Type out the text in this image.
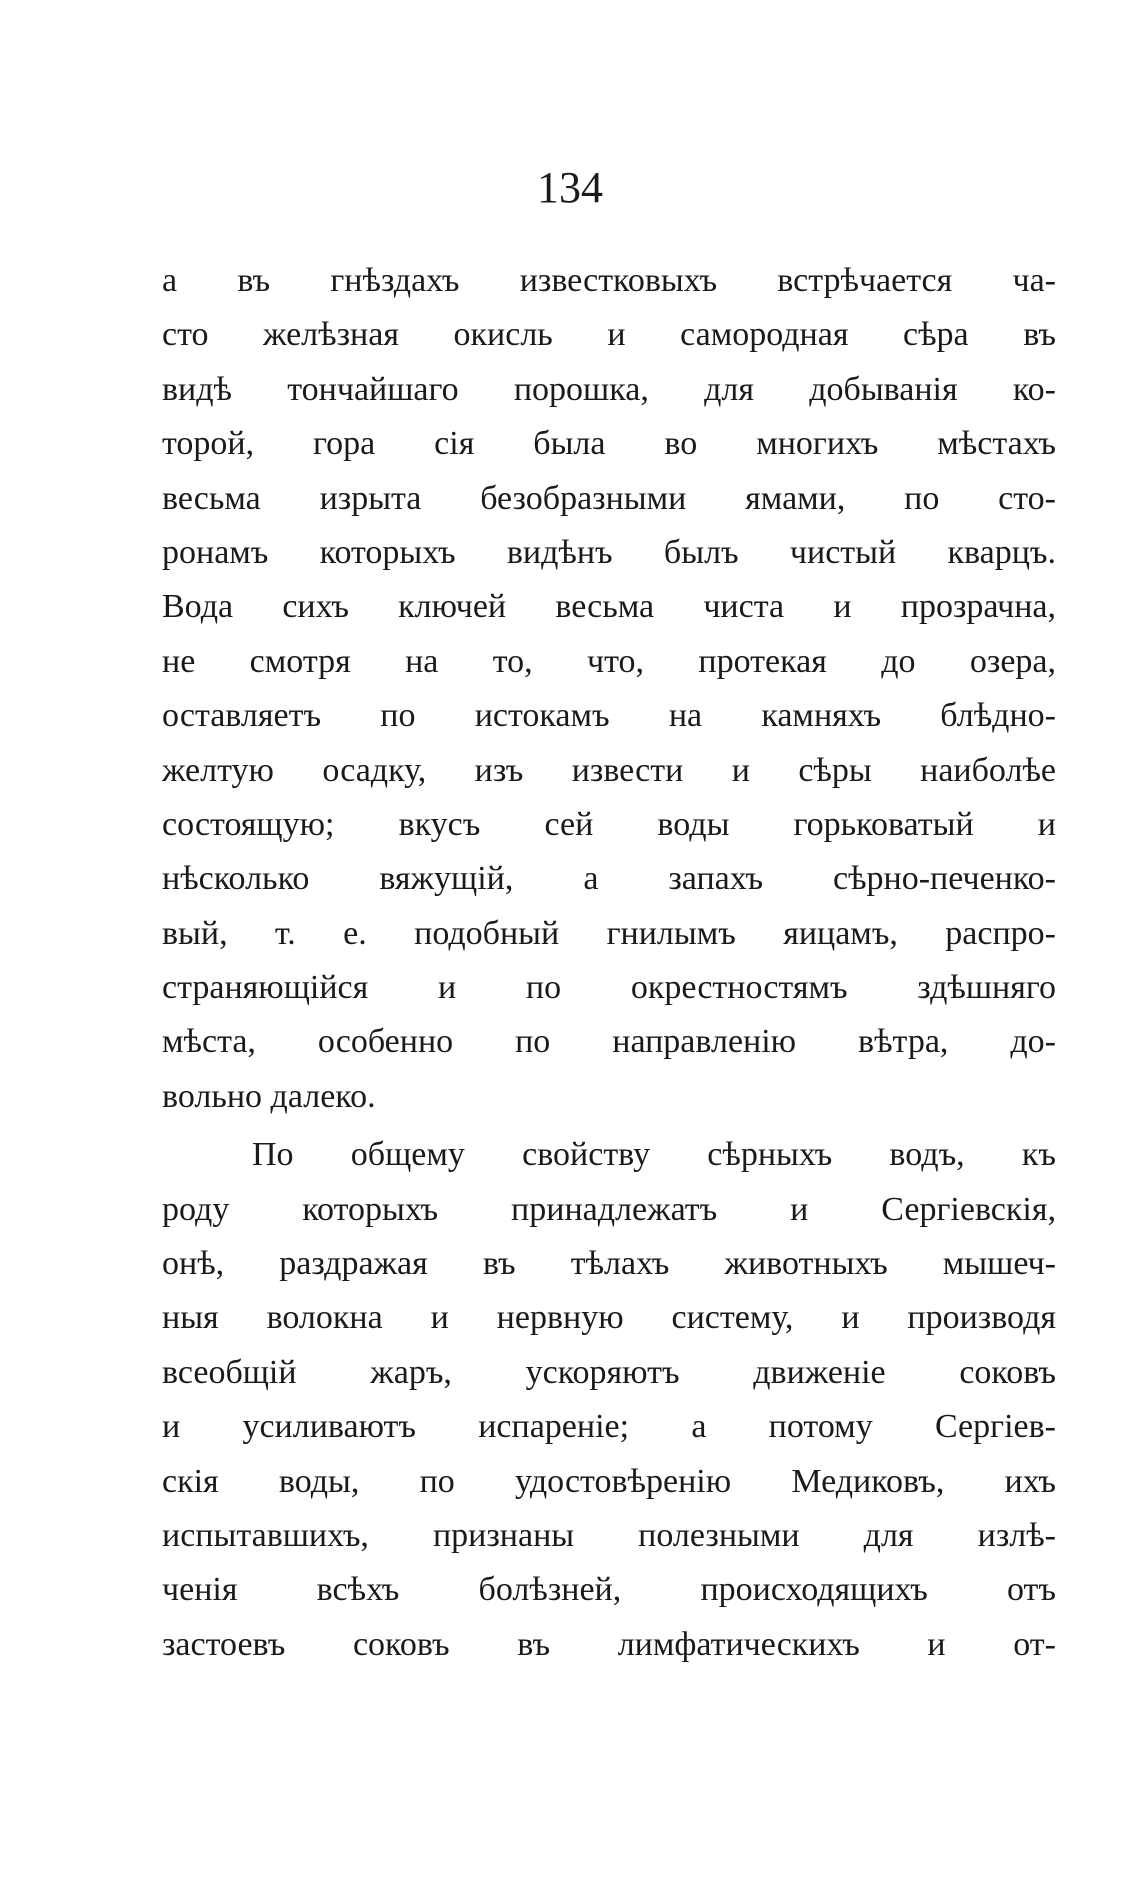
134
а въ гнѣздахъ известковыхъ встрѣчается ча-
сто желѣзная окисль и самородная сѣра въ
видѣ тончайшаго порошка, для добыванія ко-
торой, гора сія была во многихъ мѣстахъ
весьма изрыта безобразными ямами, по сто-
ронамъ которыхъ видѣнъ былъ чистый кварцъ.
Вода сихъ ключей весьма чиста и прозрачна,
не смотря на то, что, протекая до озера,
оставляетъ по истокамъ на камняхъ блѣдно-
желтую осадку, изъ извести и сѣры наиболѣе
состоящую; вкусъ сей воды горьковатый и
нѣсколько вяжущій, а запахъ сѣрно-печенко-
вый, т. е. подобный гнилымъ яицамъ, распро-
страняющійся и по окрестностямъ здѣшняго
мѣста, особенно по направленію вѣтра, до-
вольно далеко.
По общему свойству сѣрныхъ водъ, къ
роду которыхъ принадлежатъ и Сергіевскія,
онѣ, раздражая въ тѣлахъ животныхъ мышеч-
ныя волокна и нервную систему, и производя
всеобщій жаръ, ускоряютъ движеніе соковъ
и усиливаютъ испареніе; а потому Сергіев-
скія воды, по удостовѣренію Медиковъ, ихъ
испытавшихъ, признаны полезными для излѣ-
ченія всѣхъ болѣзней, происходящихъ отъ
застоевъ соковъ въ лимфатическихъ и от-
